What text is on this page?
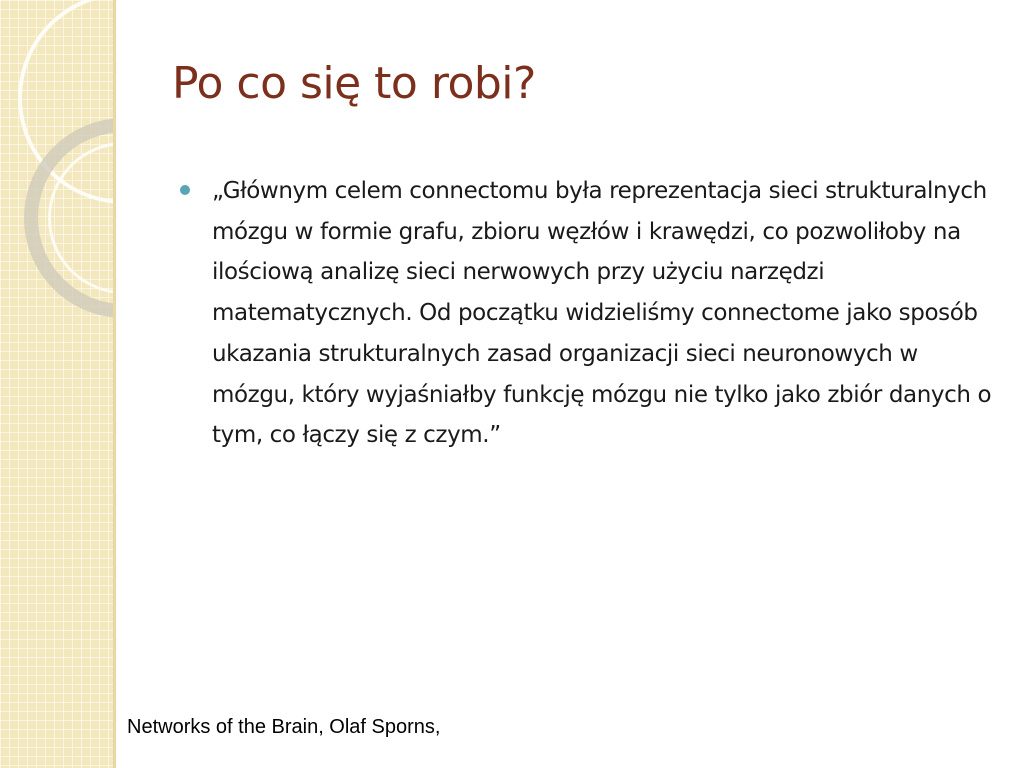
Po co się to robi?
„Głównym celem connectomu była reprezentacja sieci strukturalnych mózgu w formie grafu, zbioru węzłów i krawędzi, co pozwoliłoby na ilościową analizę sieci nerwowych przy użyciu narzędzi matematycznych. Od początku widzieliśmy connectome jako sposób ukazania strukturalnych zasad organizacji sieci neuronowych w mózgu, który wyjaśniałby funkcję mózgu nie tylko jako zbiór danych o tym, co łączy się z czym.”
Networks of the Brain, Olaf Sporns,
